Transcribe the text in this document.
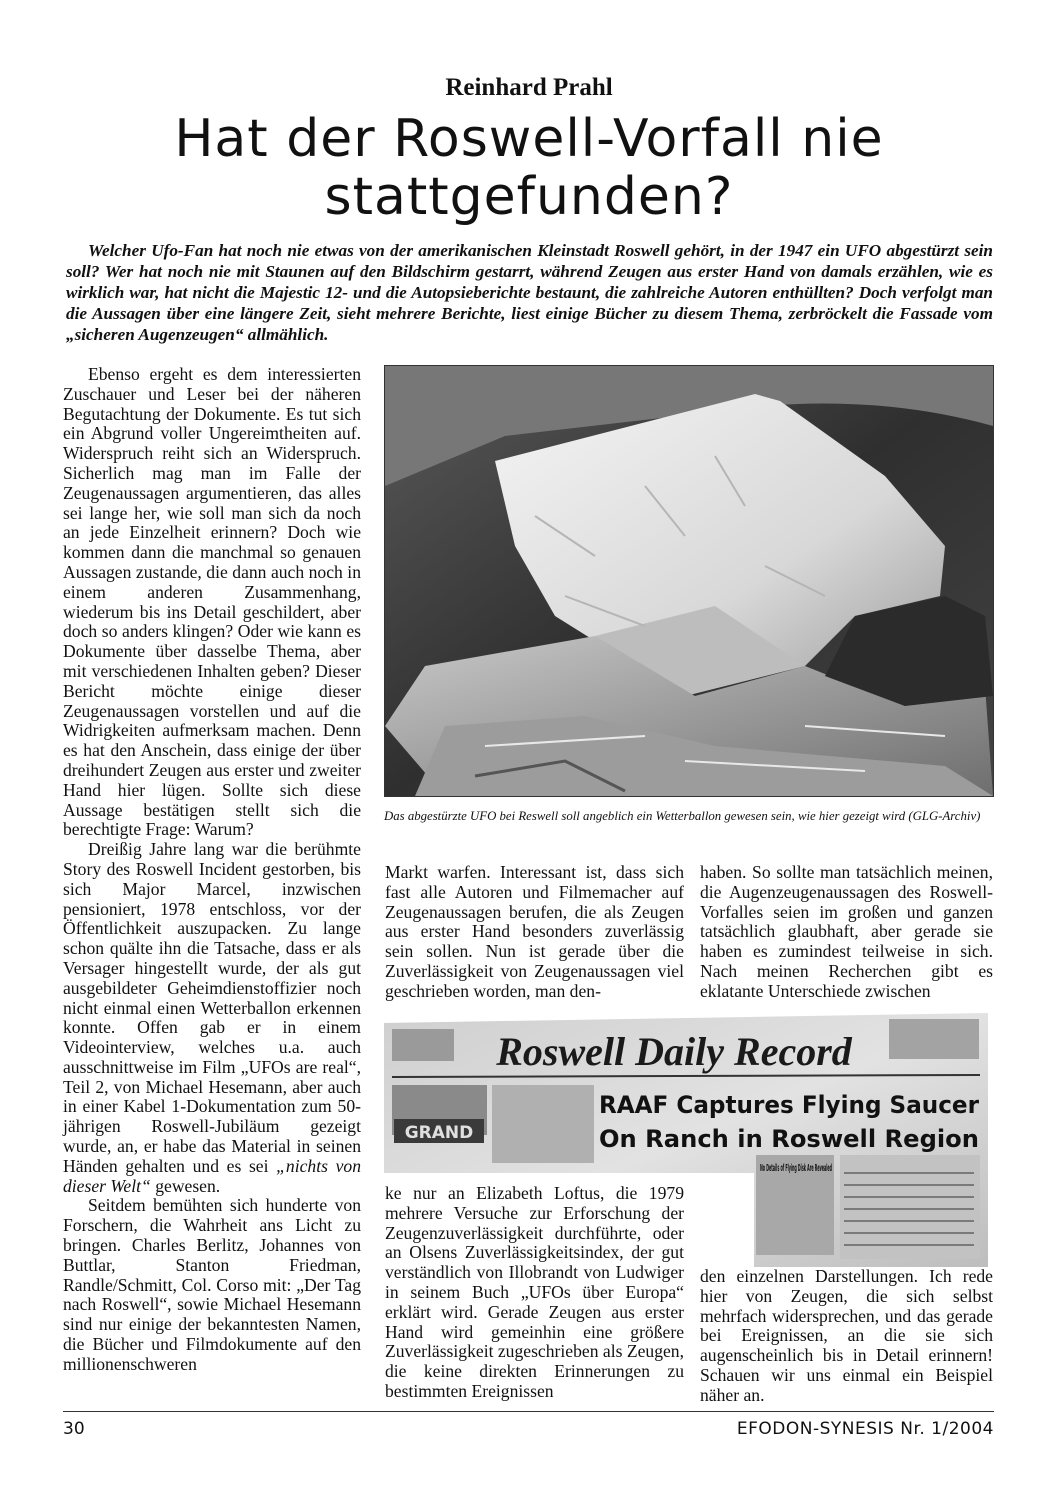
Reinhard Prahl
Hat der Roswell-Vorfall nie stattgefunden?

Welcher Ufo-Fan hat noch nie etwas von der amerikanischen Kleinstadt Roswell gehört, in der 1947 ein UFO abgestürzt sein soll? Wer hat noch nie mit Staunen auf den Bildschirm gestarrt, während Zeugen aus erster Hand von damals erzählen, wie es wirklich war, hat nicht die Majestic 12- und die Autopsieberichte bestaunt, die zahlreiche Autoren enthüllten? Doch verfolgt man die Aussagen über eine längere Zeit, sieht mehrere Berichte, liest einige Bücher zu diesem Thema, zerbröckelt die Fassade vom „sicheren Augenzeugen“ allmählich.

Ebenso ergeht es dem interessierten Zuschauer und Leser bei der näheren Begutachtung der Dokumente. Es tut sich ein Abgrund voller Ungereimtheiten auf. Widerspruch reiht sich an Widerspruch. Sicherlich mag man im Falle der Zeugenaussagen argumentieren, das alles sei lange her, wie soll man sich da noch an jede Einzelheit erinnern? Doch wie kommen dann die manchmal so genauen Aussagen zustande, die dann auch noch in einem anderen Zusammenhang, wiederum bis ins Detail geschildert, aber doch so anders klingen? Oder wie kann es Dokumente über dasselbe Thema, aber mit verschiedenen Inhalten geben? Dieser Bericht möchte einige dieser Zeugenaussagen vorstellen und auf die Widrigkeiten aufmerksam machen. Denn es hat den Anschein, dass einige der über dreihundert Zeugen aus erster und zweiter Hand hier lügen. Sollte sich diese Aussage bestätigen stellt sich die berechtigte Frage: Warum?

Dreißig Jahre lang war die berühmte Story des Roswell Incident gestorben, bis sich Major Marcel, inzwischen pensioniert, 1978 entschloss, vor der Öffentlichkeit auszupacken. Zu lange schon quälte ihn die Tatsache, dass er als Versager hingestellt wurde, der als gut ausgebildeter Geheimdienstoffizier noch nicht einmal einen Wetterballon erkennen konnte. Offen gab er in einem Videointerview, welches u.a. auch ausschnittweise im Film „UFOs are real“, Teil 2, von Michael Hesemann, aber auch in einer Kabel 1-Dokumentation zum 50-jährigen Roswell-Jubiläum gezeigt wurde, an, er habe das Material in seinen Händen gehalten und es sei „nichts von dieser Welt“ gewesen.

Seitdem bemühten sich hunderte von Forschern, die Wahrheit ans Licht zu bringen. Charles Berlitz, Johannes von Buttlar, Stanton Friedman, Randle/Schmitt, Col. Corso mit: „Der Tag nach Roswell“, sowie Michael Hesemann sind nur einige der bekanntesten Namen, die Bücher und Filmdokumente auf den millionenschweren

Das abgestürzte UFO bei Reswell soll angeblich ein Wetterballon gewesen sein, wie hier gezeigt wird (GLG-Archiv)

Markt warfen. Interessant ist, dass sich fast alle Autoren und Filmemacher auf Zeugenaussagen berufen, die als Zeugen aus erster Hand besonders zuverlässig sein sollen. Nun ist gerade über die Zuverlässigkeit von Zeugenaussagen viel geschrieben worden, man den-

haben. So sollte man tatsächlich meinen, die Augenzeugenaussagen des Roswell-Vorfalles seien im großen und ganzen tatsächlich glaubhaft, aber gerade sie haben es zumindest teilweise in sich. Nach meinen Recherchen gibt es eklatante Unterschiede zwischen

Roswell Daily Record
GRAND
RAAF Captures Flying Saucer
On Ranch in Roswell Region
No Details of Flying Disk Are Revealed

ke nur an Elizabeth Loftus, die 1979 mehrere Versuche zur Erforschung der Zeugenzuverlässigkeit durchführte, oder an Olsens Zuverlässigkeitsindex, der gut verständlich von Illobrandt von Ludwiger in seinem Buch „UFOs über Europa“ erklärt wird. Gerade Zeugen aus erster Hand wird gemeinhin eine größere Zuverlässigkeit zugeschrieben als Zeugen, die keine direkten Erinnerungen zu bestimmten Ereignissen

den einzelnen Darstellungen. Ich rede hier von Zeugen, die sich selbst mehrfach widersprechen, und das gerade bei Ereignissen, an die sie sich augenscheinlich bis in Detail erinnern! Schauen wir uns einmal ein Beispiel näher an.

30	EFODON-SYNESIS Nr. 1/2004
